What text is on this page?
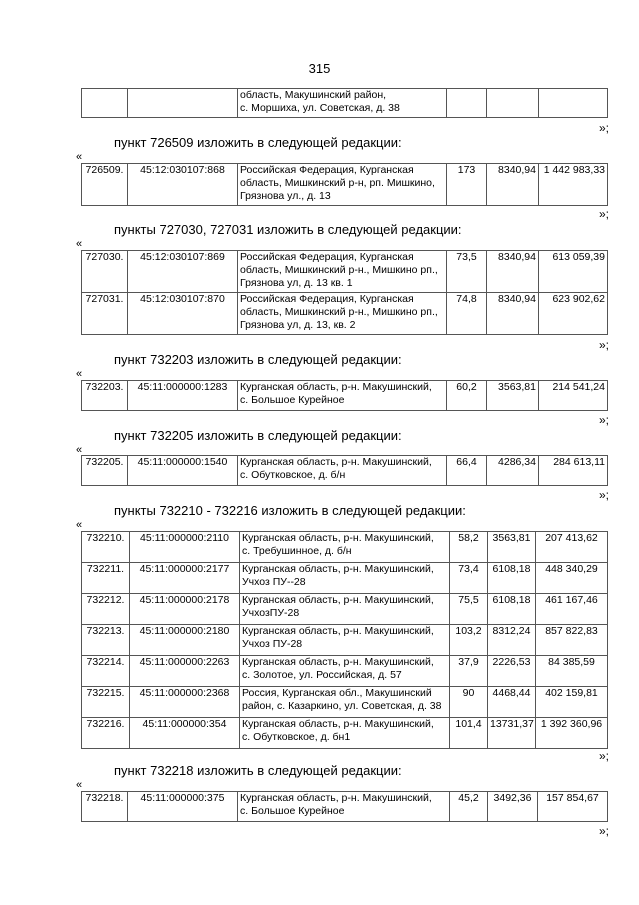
315

область, Макушинский район,
с. Моршиха, ул. Советская, д. 38

»;
пункт 726509 изложить в следующей редакции:
«
726509.	45:12:030107:868	Российская Федерация, Курганская
область, Мишкинский р-н, рп. Мишкино,
Грязнова ул., д. 13
	173	8340,94	1 442 983,33
»;
пункты 727030, 727031 изложить в следующей редакции:
«
727030.	45:12:030107:869	Российская Федерация, Курганская
область, Мишкинский р-н., Мишкино рп.,
Грязнова ул, д. 13 кв. 1	73,5	8340,94	613 059,39
727031.	45:12:030107:870	Российская Федерация, Курганская
область, Мишкинский р-н., Мишкино рп.,
Грязнова ул, д. 13, кв. 2	74,8	8340,94	623 902,62
»;
пункт 732203 изложить в следующей редакции:
«
732203.	45:11:000000:1283	Курганская область, р-н. Макушинский,
с. Большое Курейное
	60,2	3563,81	214 541,24
»;
пункт 732205 изложить в следующей редакции:
«
732205.	45:11:000000:1540	Курганская область, р-н. Макушинский,
с. Обутковское, д. б/н
	66,4	4286,34	284 613,11
»;
пункты 732210 - 732216 изложить в следующей редакции:
«
732210.	45:11:000000:2110	Курганская область, р-н. Макушинский,
с. Требушинное, д. б/н	58,2	3563,81	207 413,62
732211.	45:11:000000:2177	Курганская область, р-н. Макушинский,
Учхоз ПУ--28	73,4	6108,18	448 340,29
732212.	45:11:000000:2178	Курганская область, р-н. Макушинский,
УчхозПУ-28	75,5	6108,18	461 167,46
732213.	45:11:000000:2180	Курганская область, р-н. Макушинский,
Учхоз ПУ-28	103,2	8312,24	857 822,83
732214.	45:11:000000:2263	Курганская область, р-н. Макушинский,
с. Золотое, ул. Российская, д. 57	37,9	2226,53	84 385,59
732215.	45:11:000000:2368	Россия, Курганская обл., Макушинский
район, с. Казаркино, ул. Советская, д. 38	90	4468,44	402 159,81
732216.	45:11:000000:354	Курганская область, р-н. Макушинский,
с. Обутковское, д. бн1	101,4	13731,37	1 392 360,96
»;
пункт 732218 изложить в следующей редакции:
«
732218.	45:11:000000:375	Курганская область, р-н. Макушинский,
с. Большое Курейное
	45,2	3492,36	157 854,67
»;
